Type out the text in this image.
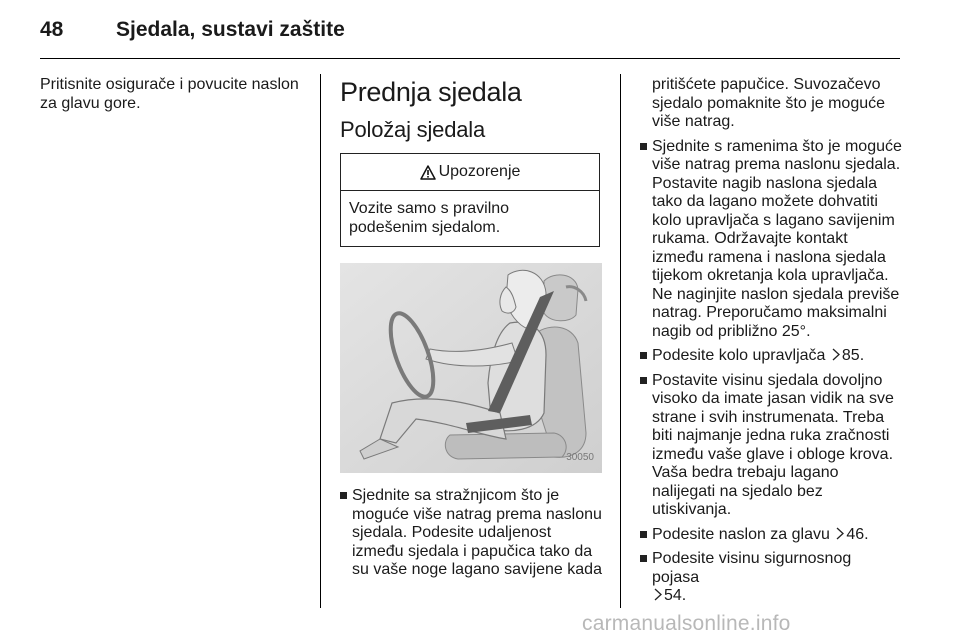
48	Sjedala, sustavi zaštite

Pritisnite osigurače i povucite naslon za glavu gore.	Prednja sjedala
Položaj sjedala
Upozorenje
Vozite samo s pravilno podešenim sjedalom.
30050
Sjednite sa stražnjicom što je moguće više natrag prema naslonu sjedala. Podesite udaljenost između sjedala i papučica tako da su vaše noge lagano savijene kada

pritišćete papučice. Suvozačevo sjedalo pomaknite što je moguće više natrag.

Sjednite s ramenima što je moguće više natrag prema naslonu sjedala. Postavite nagib naslona sjedala tako da lagano možete dohvatiti kolo upravljača s lagano savijenim rukama. Održavajte kontakt između ramena i naslona sjedala tijekom okretanja kola upravljača. Ne naginjite naslon sjedala previše natrag. Preporučamo maksimalni nagib od približno 25°.
Podesite kolo upravljača 85.
Postavite visinu sjedala dovoljno visoko da imate jasan vidik na sve strane i svih instrumenata. Treba biti najmanje jedna ruka zračnosti između vaše glave i obloge krova. Vaša bedra trebaju lagano nalijegati na sjedalo bez utiskivanja.
Podesite naslon za glavu 46.
Podesite visinu sigurnosnog pojasa
54.
carmanualsonline.info
